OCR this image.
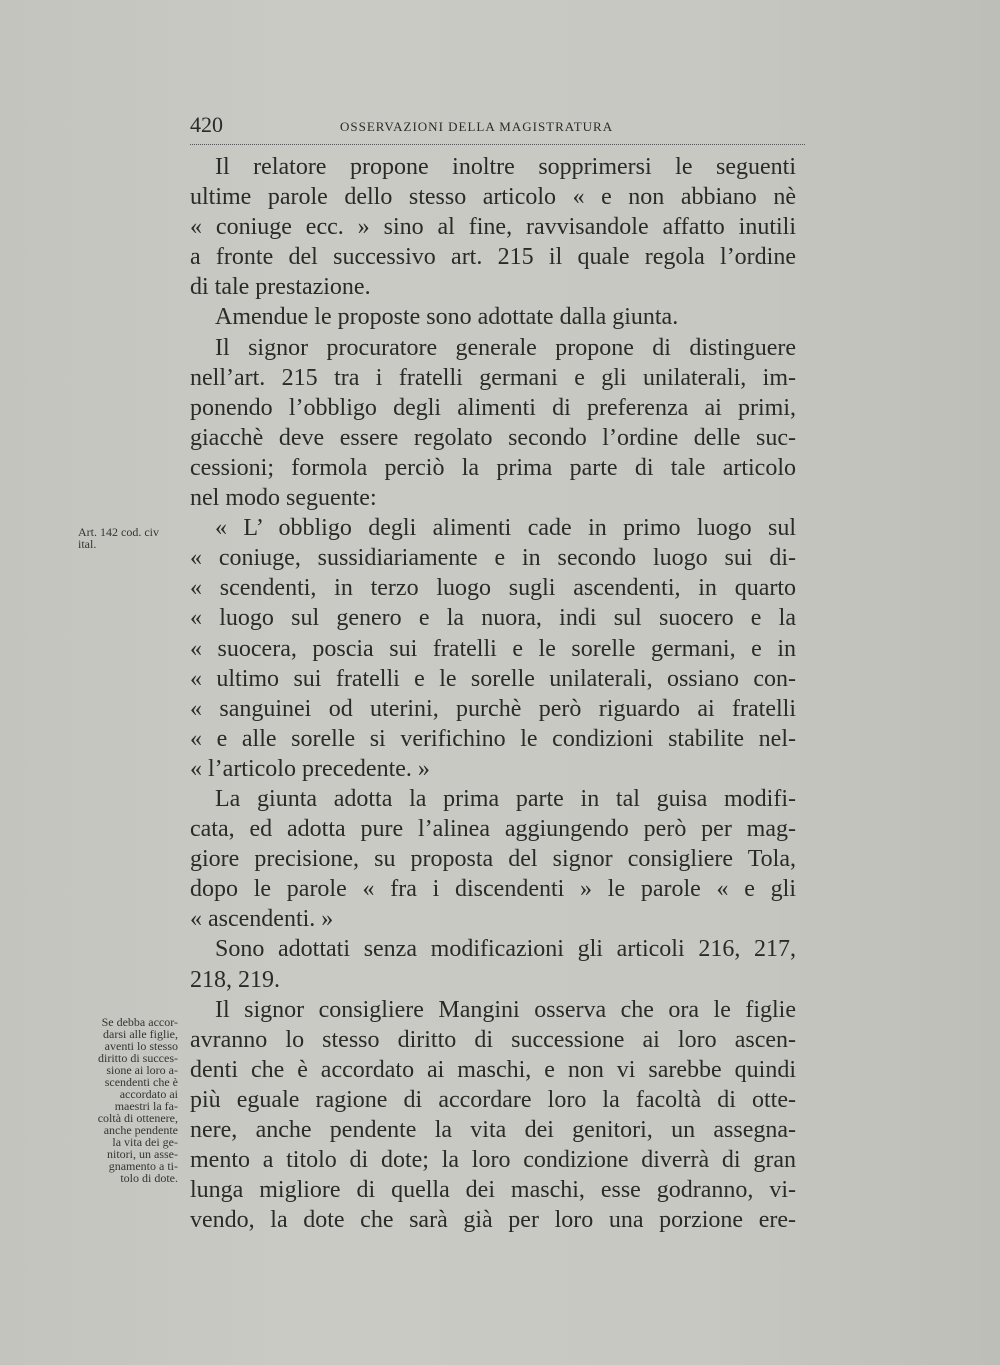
420	OSSERVAZIONI DELLA MAGISTRATURA
Art. 142 cod. civ
ital.
Se debba accor-
darsi alle figlie,
aventi lo stesso
diritto di succes-
sione ai loro a-
scendenti che è
accordato ai
maestri la fa-
coltà di ottenere,
anche pendente
la vita dei ge-
nitori, un asse-
gnamento a ti-
tolo di dote.
Il relatore propone inoltre sopprimersi le seguenti
ultime parole dello stesso articolo « e non abbiano nè
« coniuge ecc. » sino al fine, ravvisandole affatto inutili
a fronte del successivo art. 215 il quale regola l’ordine
di tale prestazione.
Amendue le proposte sono adottate dalla giunta.
Il signor procuratore generale propone di distinguere
nell’art. 215 tra i fratelli germani e gli unilaterali, im-
ponendo l’obbligo degli alimenti di preferenza ai primi,
giacchè deve essere regolato secondo l’ordine delle suc-
cessioni; formola perciò la prima parte di tale articolo
nel modo seguente:
« L’ obbligo degli alimenti cade in primo luogo sul
« coniuge, sussidiariamente e in secondo luogo sui di-
« scendenti, in terzo luogo sugli ascendenti, in quarto
« luogo sul genero e la nuora, indi sul suocero e la
« suocera, poscia sui fratelli e le sorelle germani, e in
« ultimo sui fratelli e le sorelle unilaterali, ossiano con-
« sanguinei od uterini, purchè però riguardo ai fratelli
« e alle sorelle si verifichino le condizioni stabilite nel-
« l’articolo precedente. »
La giunta adotta la prima parte in tal guisa modifi-
cata, ed adotta pure l’alinea aggiungendo però per mag-
giore precisione, su proposta del signor consigliere Tola,
dopo le parole « fra i discendenti » le parole « e gli
« ascendenti. »
Sono adottati senza modificazioni gli articoli 216, 217,
218, 219.
Il signor consigliere Mangini osserva che ora le figlie
avranno lo stesso diritto di successione ai loro ascen-
denti che è accordato ai maschi, e non vi sarebbe quindi
più eguale ragione di accordare loro la facoltà di otte-
nere, anche pendente la vita dei genitori, un assegna-
mento a titolo di dote; la loro condizione diverrà di gran
lunga migliore di quella dei maschi, esse godranno, vi-
vendo, la dote che sarà già per loro una porzione ere-
